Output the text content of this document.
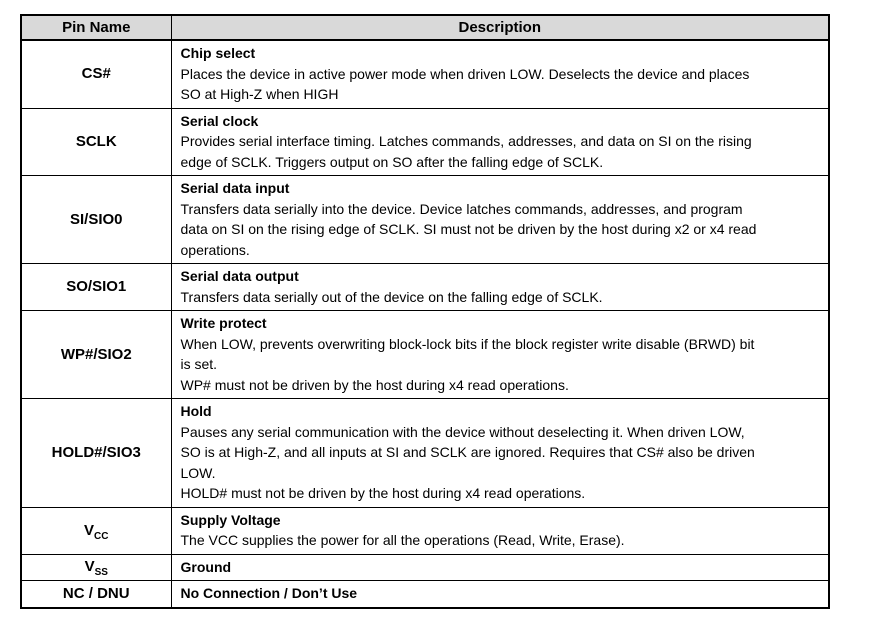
Pin Name	Description
CS#	Chip select
Places the device in active power mode when driven LOW. Deselects the device and places
SO at High-Z when HIGH

SCLK	Serial clock
Provides serial interface timing. Latches commands, addresses, and data on SI on the rising
edge of SCLK. Triggers output on SO after the falling edge of SCLK.

SI/SIO0	Serial data input
Transfers data serially into the device. Device latches commands, addresses, and program
data on SI on the rising edge of SCLK. SI must not be driven by the host during x2 or x4 read
operations.

SO/SIO1	Serial data output
Transfers data serially out of the device on the falling edge of SCLK.

WP#/SIO2	Write protect
When LOW, prevents overwriting block-lock bits if the block register write disable (BRWD) bit
is set.
WP# must not be driven by the host during x4 read operations.

HOLD#/SIO3	Hold
Pauses any serial communication with the device without deselecting it. When driven LOW,
SO is at High-Z, and all inputs at SI and SCLK are ignored. Requires that CS# also be driven
LOW.
HOLD# must not be driven by the host during x4 read operations.

$V_{CC}$	Supply Voltage
The VCC supplies the power for all the operations (Read, Write, Erase).

$V_{SS}$	Ground

NC / DNU	No Connection / Don’t Use
